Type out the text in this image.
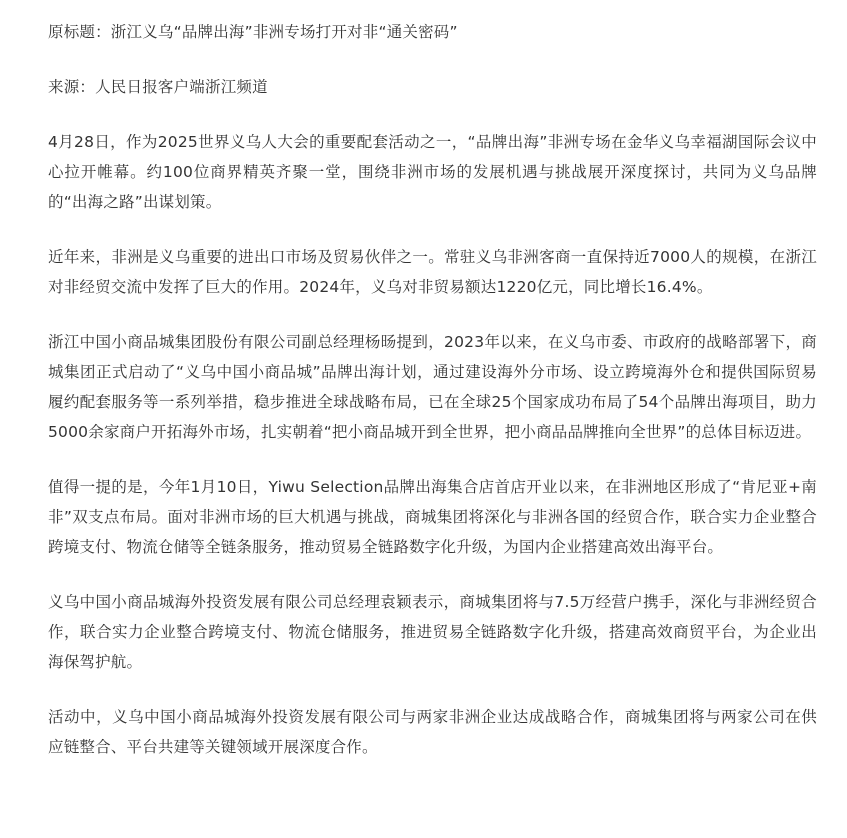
原标题：浙江义乌“品牌出海”非洲专场打开对非“通关密码”

来源：人民日报客户端浙江频道

4月28日，作为2025世界义乌人大会的重要配套活动之一，“品牌出海”非洲专场在金华义乌幸福湖国际会议中心拉开帷幕。约100位商界精英齐聚一堂，围绕非洲市场的发展机遇与挑战展开深度探讨，共同为义乌品牌的“出海之路”出谋划策。

近年来，非洲是义乌重要的进出口市场及贸易伙伴之一。常驻义乌非洲客商一直保持近7000人的规模，在浙江对非经贸交流中发挥了巨大的作用。2024年，义乌对非贸易额达1220亿元，同比增长16.4%。

浙江中国小商品城集团股份有限公司副总经理杨旸提到，2023年以来，在义乌市委、市政府的战略部署下，商城集团正式启动了“义乌中国小商品城”品牌出海计划，通过建设海外分市场、设立跨境海外仓和提供国际贸易履约配套服务等一系列举措，稳步推进全球战略布局，已在全球25个国家成功布局了54个品牌出海项目，助力5000余家商户开拓海外市场，扎实朝着“把小商品城开到全世界，把小商品品牌推向全世界”的总体目标迈进。

值得一提的是，今年1月10日，Yiwu Selection品牌出海集合店首店开业以来，在非洲地区形成了“肯尼亚+南非”双支点布局。面对非洲市场的巨大机遇与挑战，商城集团将深化与非洲各国的经贸合作，联合实力企业整合跨境支付、物流仓储等全链条服务，推动贸易全链路数字化升级，为国内企业搭建高效出海平台。

义乌中国小商品城海外投资发展有限公司总经理袁颖表示，商城集团将与7.5万经营户携手，深化与非洲经贸合作，联合实力企业整合跨境支付、物流仓储服务，推进贸易全链路数字化升级，搭建高效商贸平台，为企业出海保驾护航。

活动中，义乌中国小商品城海外投资发展有限公司与两家非洲企业达成战略合作，商城集团将与两家公司在供应链整合、平台共建等关键领域开展深度合作。
